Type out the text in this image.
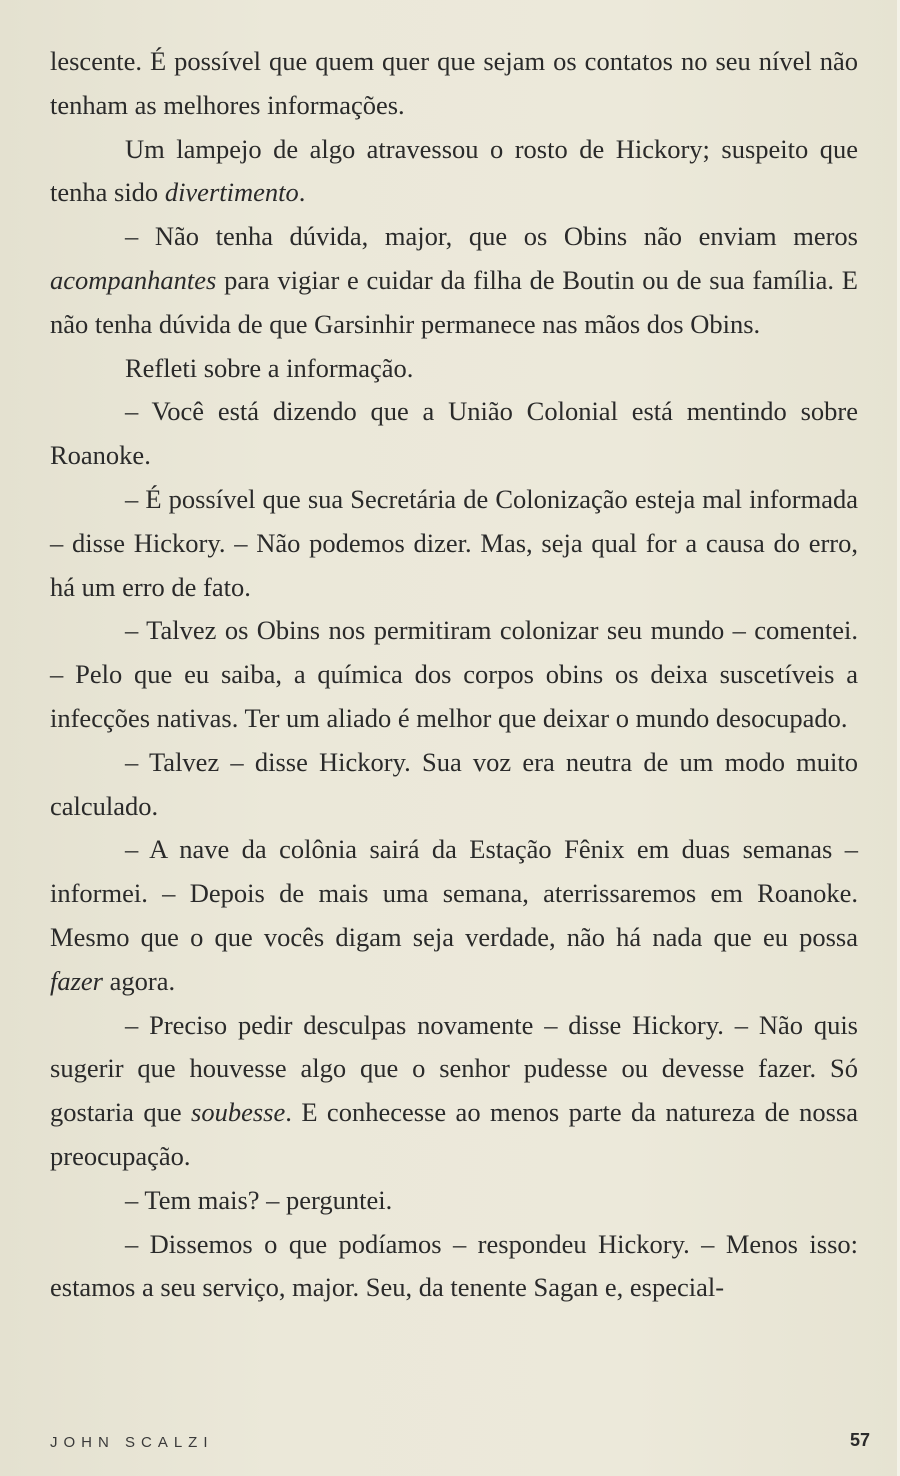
lescente. É possível que quem quer que sejam os contatos no seu nível não tenham as melhores informações.

Um lampejo de algo atravessou o rosto de Hickory; suspeito que tenha sido divertimento.

– Não tenha dúvida, major, que os Obins não enviam meros acompanhantes para vigiar e cuidar da filha de Boutin ou de sua família. E não tenha dúvida de que Garsinhir permanece nas mãos dos Obins.

Refleti sobre a informação.

– Você está dizendo que a União Colonial está mentindo sobre Roanoke.

– É possível que sua Secretária de Colonização esteja mal informada – disse Hickory. – Não podemos dizer. Mas, seja qual for a causa do erro, há um erro de fato.

– Talvez os Obins nos permitiram colonizar seu mundo – comentei. – Pelo que eu saiba, a química dos corpos obins os deixa suscetíveis a infecções nativas. Ter um aliado é melhor que deixar o mundo desocupado.

– Talvez – disse Hickory. Sua voz era neutra de um modo muito calculado.

– A nave da colônia sairá da Estação Fênix em duas semanas – informei. – Depois de mais uma semana, aterrissaremos em Roanoke. Mesmo que o que vocês digam seja verdade, não há nada que eu possa fazer agora.

– Preciso pedir desculpas novamente – disse Hickory. – Não quis sugerir que houvesse algo que o senhor pudesse ou devesse fazer. Só gostaria que soubesse. E conhecesse ao menos parte da natureza de nossa preocupação.

– Tem mais? – perguntei.

– Dissemos o que podíamos – respondeu Hickory. – Menos isso: estamos a seu serviço, major. Seu, da tenente Sagan e, especial-

JOHN SCALZI	57
